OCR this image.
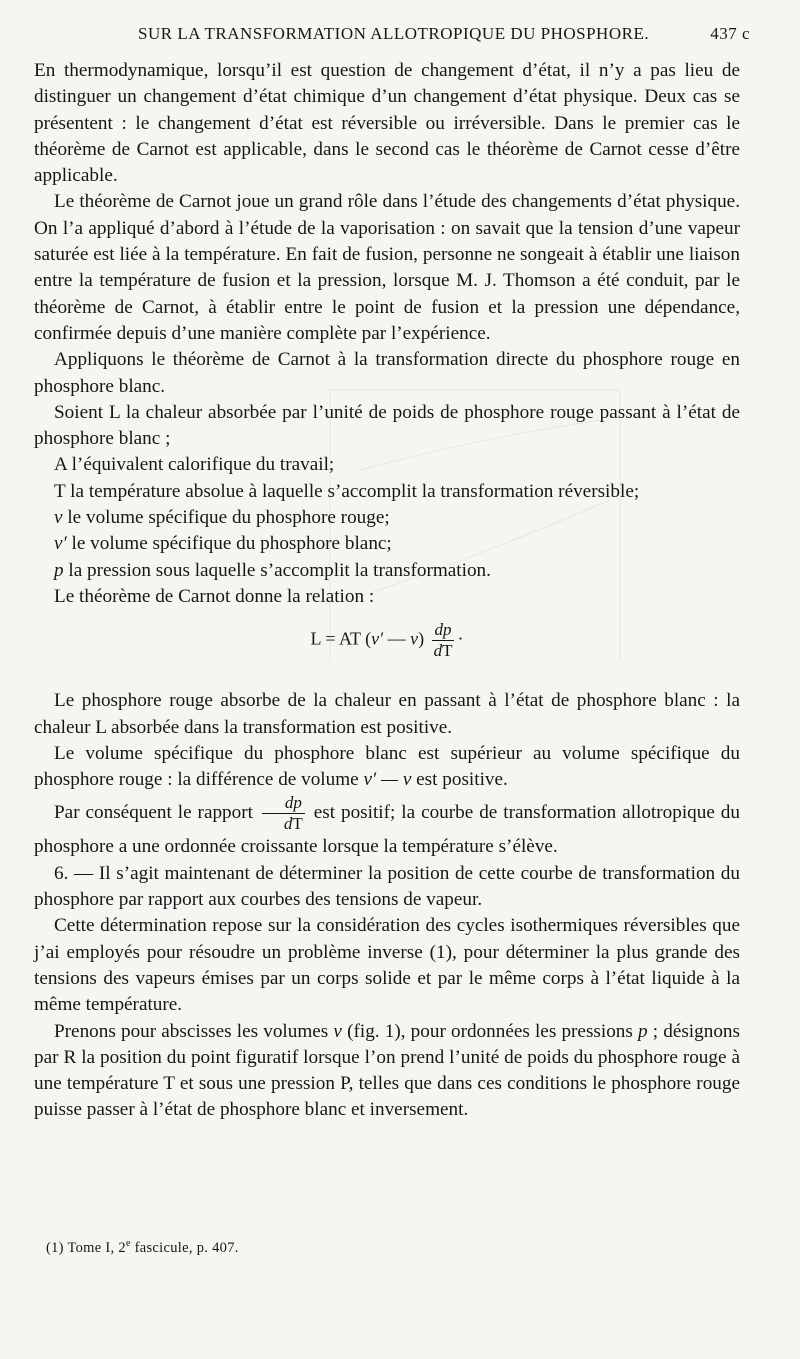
SUR LA TRANSFORMATION ALLOTROPIQUE DU PHOSPHORE.	437 c

En thermodynamique, lorsqu’il est question de changement d’état, il n’y a pas lieu de distinguer un changement d’état chimique d’un changement d’état physique. Deux cas se présentent : le changement d’état est réversible ou irréversible. Dans le premier cas le théorème de Carnot est applicable, dans le second cas le théorème de Carnot cesse d’être applicable.

Le théorème de Carnot joue un grand rôle dans l’étude des changements d’état physique. On l’a appliqué d’abord à l’étude de la vaporisation : on savait que la tension d’une vapeur saturée est liée à la température. En fait de fusion, personne ne songeait à établir une liaison entre la température de fusion et la pression, lorsque M. J. Thomson a été conduit, par le théorème de Carnot, à établir entre le point de fusion et la pression une dépendance, confirmée depuis d’une manière complète par l’expérience.

Appliquons le théorème de Carnot à la transformation directe du phosphore rouge en phosphore blanc.

Soient L la chaleur absorbée par l’unité de poids de phosphore rouge passant à l’état de phosphore blanc ;

A l’équivalent calorifique du travail;

T la température absolue à laquelle s’accomplit la transformation réversible;

v le volume spécifique du phosphore rouge;

v′ le volume spécifique du phosphore blanc;

p la pression sous laquelle s’accomplit la transformation.

Le théorème de Carnot donne la relation :

L = AT (v′ — $v) \frac{dp}{dT}$ ·

Le phosphore rouge absorbe de la chaleur en passant à l’état de phosphore blanc : la chaleur L absorbée dans la transformation est positive.

Le volume spécifique du phosphore blanc est supérieur au volume spécifique du phosphore rouge : la différence de volume v′ — v est positive.

Par conséquent le rapport $\frac{dp}{dT}$ est positif; la courbe de transformation allotropique du phosphore a une ordonnée croissante lorsque la température s’élève.

6. — Il s’agit maintenant de déterminer la position de cette courbe de transformation du phosphore par rapport aux courbes des tensions de vapeur.

Cette détermination repose sur la considération des cycles isothermiques réversibles que j’ai employés pour résoudre un problème inverse (1), pour déterminer la plus grande des tensions des vapeurs émises par un corps solide et par le même corps à l’état liquide à la même température.

Prenons pour abscisses les volumes v (fig. 1), pour ordonnées les pressions p ; désignons par R la position du point figuratif lorsque l’on prend l’unité de poids du phosphore rouge à une température T et sous une pression P, telles que dans ces conditions le phosphore rouge puisse passer à l’état de phosphore blanc et inversement.

(1) Tome I, 2e fascicule, p. 407.
